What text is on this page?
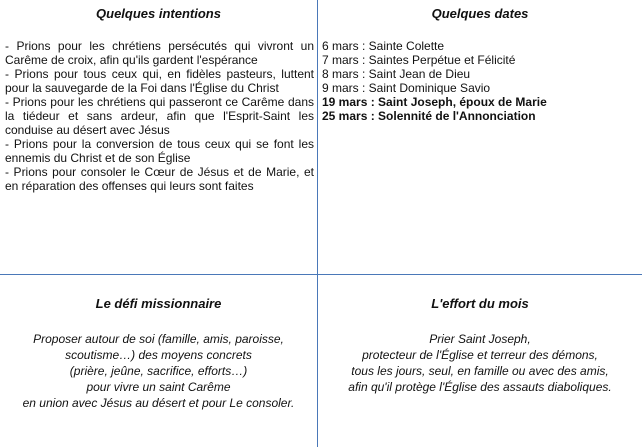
Quelques intentions
- Prions pour les chrétiens persécutés qui vivront un Carême de croix, afin qu'ils gardent l'espérance
- Prions pour tous ceux qui, en fidèles pasteurs, luttent pour la sauvegarde de la Foi dans l'Église du Christ
- Prions pour les chrétiens qui passeront ce Carême dans la tiédeur et sans ardeur, afin que l'Esprit-Saint les conduise au désert avec Jésus
- Prions pour la conversion de tous ceux qui se font les ennemis du Christ et de son Église
- Prions pour consoler le Cœur de Jésus et de Marie, et en réparation des offenses qui leurs sont faites
Quelques dates
6 mars : Sainte Colette
7 mars : Saintes Perpétue et Félicité
8 mars : Saint Jean de Dieu
9 mars : Saint Dominique Savio
19 mars : Saint Joseph, époux de Marie
25 mars : Solennité de l'Annonciation
Le défi missionnaire
Proposer autour de soi (famille, amis, paroisse,
scoutisme…) des moyens concrets
(prière, jeûne, sacrifice, efforts…)
pour vivre un saint Carême
en union avec Jésus au désert et pour Le consoler.
L'effort du mois
Prier Saint Joseph,
protecteur de l'Église et terreur des démons,
tous les jours, seul, en famille ou avec des amis,
afin qu'il protège l'Église des assauts diaboliques.
